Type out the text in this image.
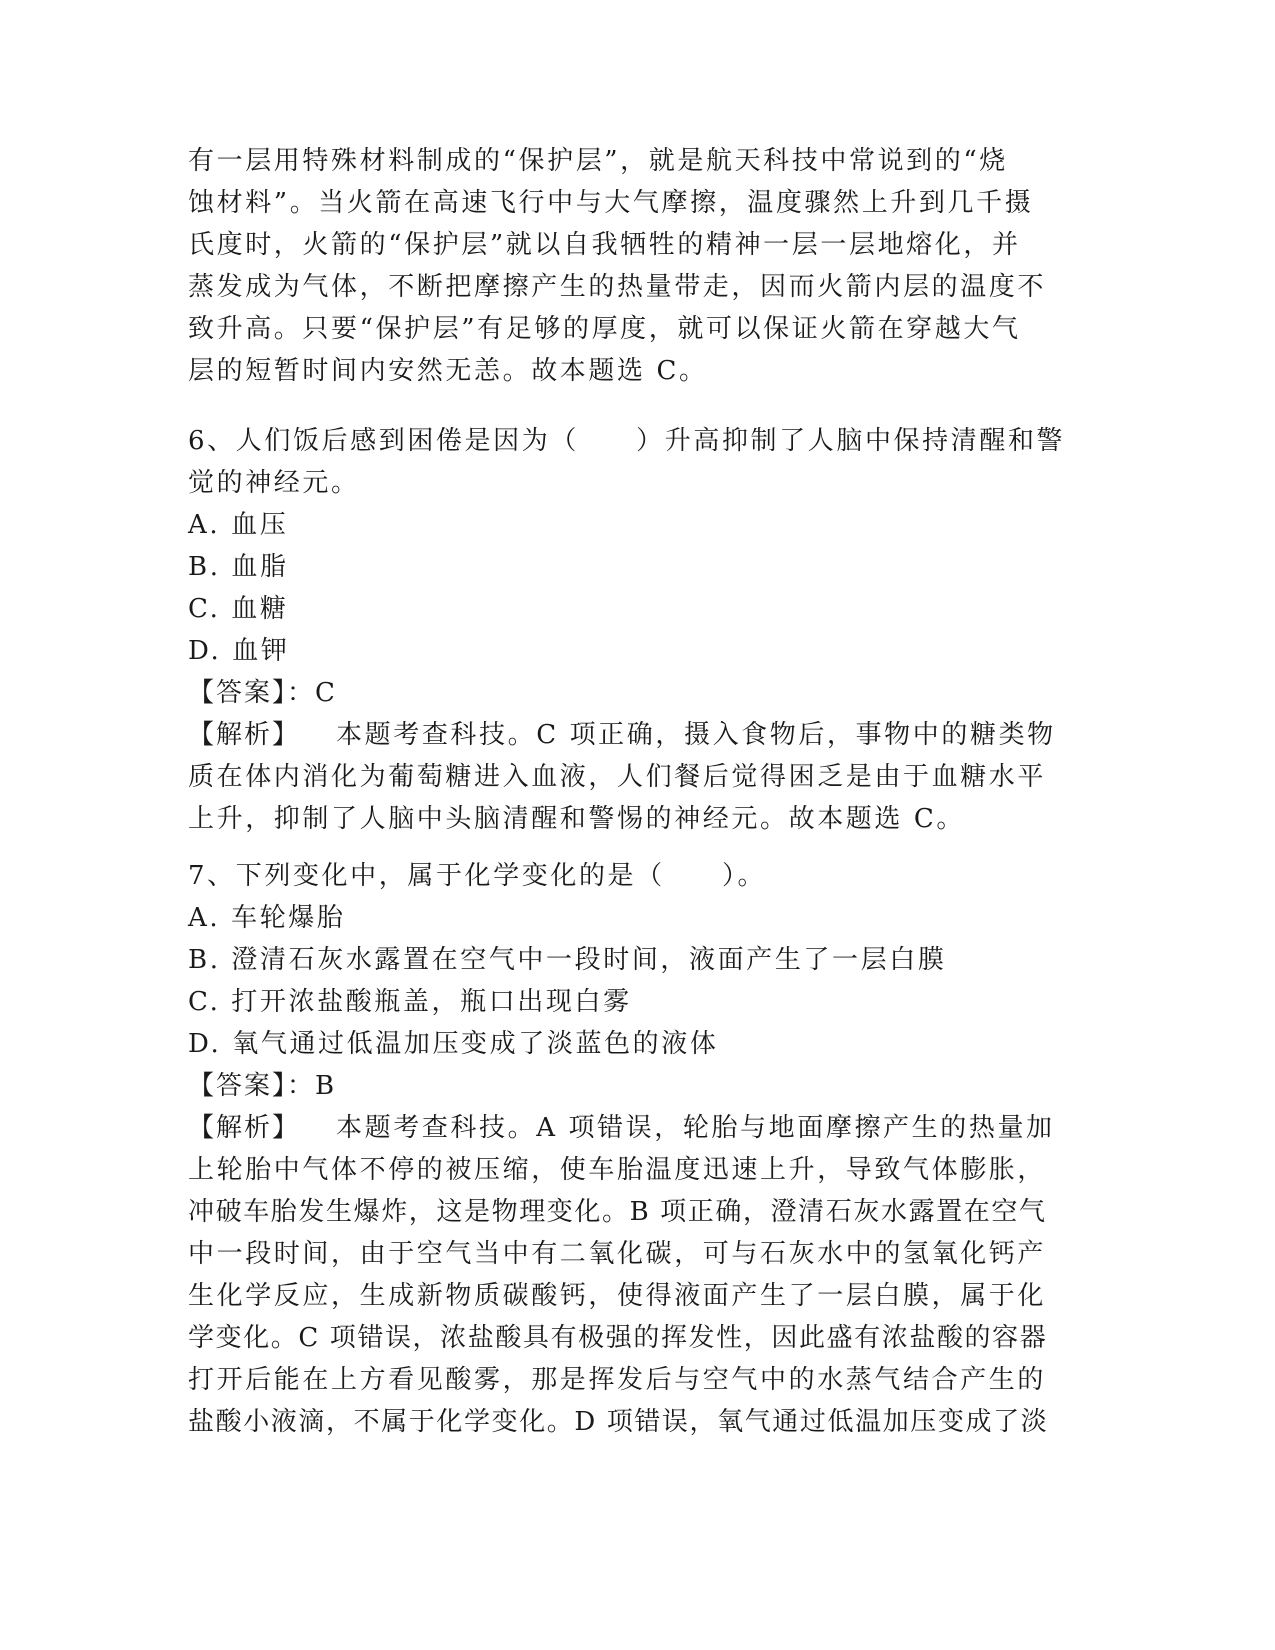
有一层用特殊材料制成的“保护层”，就是航天科技中常说到的“烧
蚀材料”。当火箭在高速飞行中与大气摩擦，温度骤然上升到几千摄
氏度时，火箭的“保护层”就以自我牺牲的精神一层一层地熔化，并
蒸发成为气体，不断把摩擦产生的热量带走，因而火箭内层的温度不
致升高。只要“保护层”有足够的厚度，就可以保证火箭在穿越大气
层的短暂时间内安然无恙。故本题选 C。
6、人们饭后感到困倦是因为（　　）升高抑制了人脑中保持清醒和警
觉的神经元。
A. 血压
B. 血脂
C. 血糖
D. 血钾
【答案】：C
【解析】 本题考查科技。C 项正确，摄入食物后，事物中的糖类物
质在体内消化为葡萄糖进入血液，人们餐后觉得困乏是由于血糖水平
上升，抑制了人脑中头脑清醒和警惕的神经元。故本题选 C。
7、下列变化中，属于化学变化的是（　　）。
A. 车轮爆胎
B. 澄清石灰水露置在空气中一段时间，液面产生了一层白膜
C. 打开浓盐酸瓶盖，瓶口出现白雾
D. 氧气通过低温加压变成了淡蓝色的液体
【答案】：B
【解析】 本题考查科技。A 项错误，轮胎与地面摩擦产生的热量加
上轮胎中气体不停的被压缩，使车胎温度迅速上升，导致气体膨胀，
冲破车胎发生爆炸，这是物理变化。B 项正确，澄清石灰水露置在空气
中一段时间，由于空气当中有二氧化碳，可与石灰水中的氢氧化钙产
生化学反应，生成新物质碳酸钙，使得液面产生了一层白膜，属于化
学变化。C 项错误，浓盐酸具有极强的挥发性，因此盛有浓盐酸的容器
打开后能在上方看见酸雾，那是挥发后与空气中的水蒸气结合产生的
盐酸小液滴，不属于化学变化。D 项错误，氧气通过低温加压变成了淡
